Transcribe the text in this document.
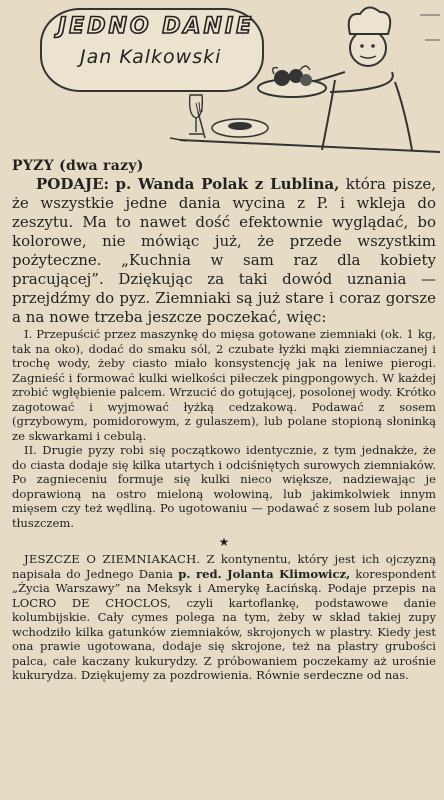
JEDNO DANIE
Jan Kalkowski
PYZY (dwa razy)

PODAJE: p. Wanda Polak z Lublina, która pisze, że wszystkie jedne dania wycina z P. i wkleja do zeszytu. Ma to nawet dość efektownie wyglądać, bo kolorowe, nie mówiąc już, że przede wszystkim pożyteczne. „Kuchnia w sam raz dla kobiety pracującej”. Dziękując za taki dowód uznania — przejdźmy do pyz. Ziemniaki są już stare i coraz gorsze a na nowe trzeba jeszcze poczekać, więc:

I. Przepuścić przez maszynkę do mięsa gotowane ziemniaki (ok. 1 kg, tak na oko), dodać do smaku sól, 2 czubate łyżki mąki ziemniaczanej i trochę wody, żeby ciasto miało konsystencję jak na leniwe pierogi. Zagnieść i formować kulki wielkości piłeczek pingpongowych. W każdej zrobić wgłębienie palcem. Wrzucić do gotującej, posolonej wody. Krótko zagotować i wyjmować łyżką cedzakową. Podawać z sosem (grzybowym, pomidorowym, z gulaszem), lub polane stopioną słoninką ze skwarkami i cebulą.

II. Drugie pyzy robi się początkowo identycznie, z tym jednakże, że do ciasta dodaje się kilka utartych i odciśniętych surowych ziemniaków. Po zagnieceniu formuje się kulki nieco większe, nadziewając je doprawioną na ostro mieloną wołowiną, lub jakimkolwiek innym mięsem czy też wędliną. Po ugotowaniu — podawać z sosem lub polane tłuszczem.

★

JESZCZE O ZIEMNIAKACH. Z kontynentu, który jest ich ojczyzną napisała do Jednego Dania p. red. Jolanta Klimowicz, korespondent „Życia Warszawy” na Meksyk i Amerykę Łacińską. Podaje przepis na LOCRO DE CHOCLOS, czyli kartoflankę, podstawowe danie kolumbijskie. Cały cymes polega na tym, żeby w skład takiej zupy wchodziło kilka gatunków ziemniaków, skrojonych w plastry. Kiedy jest ona prawie ugotowana, dodaje się skrojone, też na plastry grubości palca, całe kaczany kukurydzy. Z próbowaniem poczekamy aż urośnie kukurydza. Dziękujemy za pozdrowienia. Równie serdeczne od nas.
